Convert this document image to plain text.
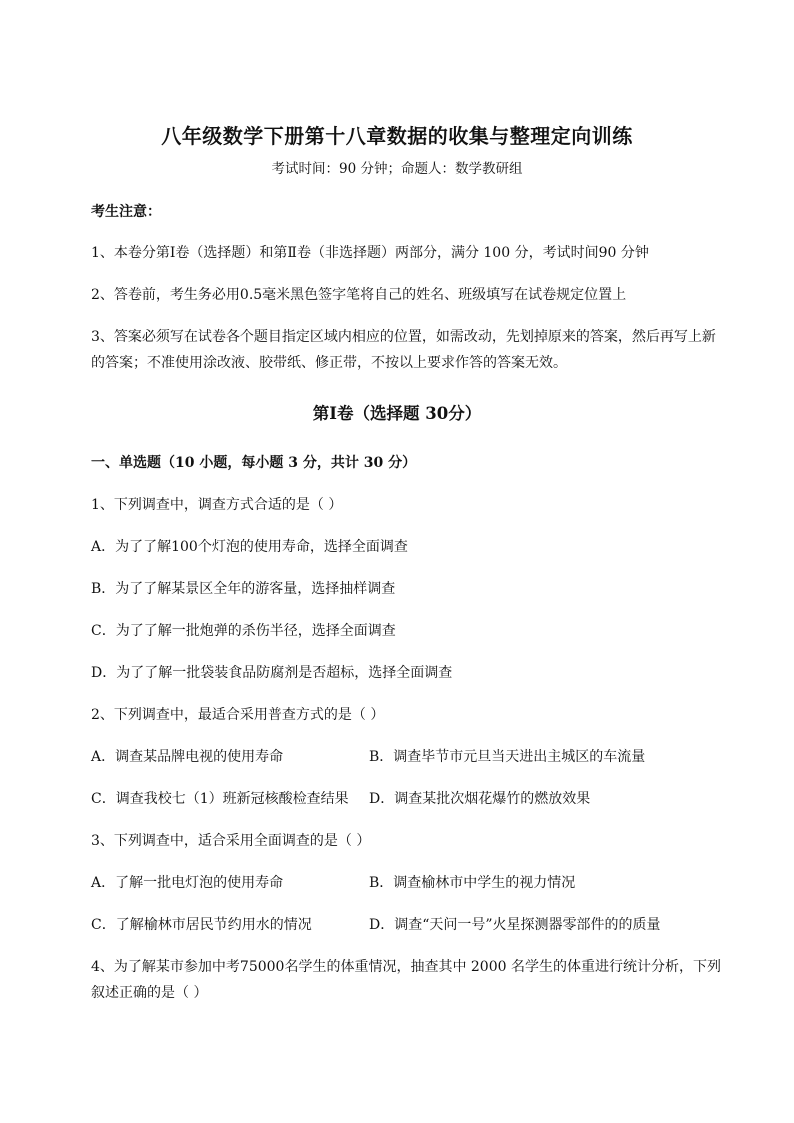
八年级数学下册第十八章数据的收集与整理定向训练
考试时间：90 分钟；命题人：数学教研组
考生注意：
1、本卷分第Ⅰ卷（选择题）和第Ⅱ卷（非选择题）两部分，满分 100 分，考试时间90 分钟
2、答卷前，考生务必用0.5毫米黑色签字笔将自己的姓名、班级填写在试卷规定位置上
3、答案必须写在试卷各个题目指定区域内相应的位置，如需改动，先划掉原来的答案，然后再写上新
的答案；不准使用涂改液、胶带纸、修正带，不按以上要求作答的答案无效。
第Ⅰ卷（选择题 30分）
一、单选题（10 小题，每小题 3 分，共计 30 分）
1、下列调查中，调查方式合适的是（ ）
A．为了了解100个灯泡的使用寿命，选择全面调查
B．为了了解某景区全年的游客量，选择抽样调查
C．为了了解一批炮弹的杀伤半径，选择全面调查
D．为了了解一批袋装食品防腐剂是否超标，选择全面调查
2、下列调查中，最适合采用普查方式的是（ ）
A．调查某品牌电视的使用寿命	B．调查毕节市元旦当天进出主城区的车流量
C．调查我校七（1）班新冠核酸检查结果 D．调查某批次烟花爆竹的燃放效果
3、下列调查中，适合采用全面调查的是（ ）
A．了解一批电灯泡的使用寿命	B．调查榆林市中学生的视力情况
C．了解榆林市居民节约用水的情况	D．调查“天问一号”火星探测器零部件的的质量
4、为了解某市参加中考75000名学生的体重情况，抽查其中 2000 名学生的体重进行统计分析，下列
叙述正确的是（ ）
